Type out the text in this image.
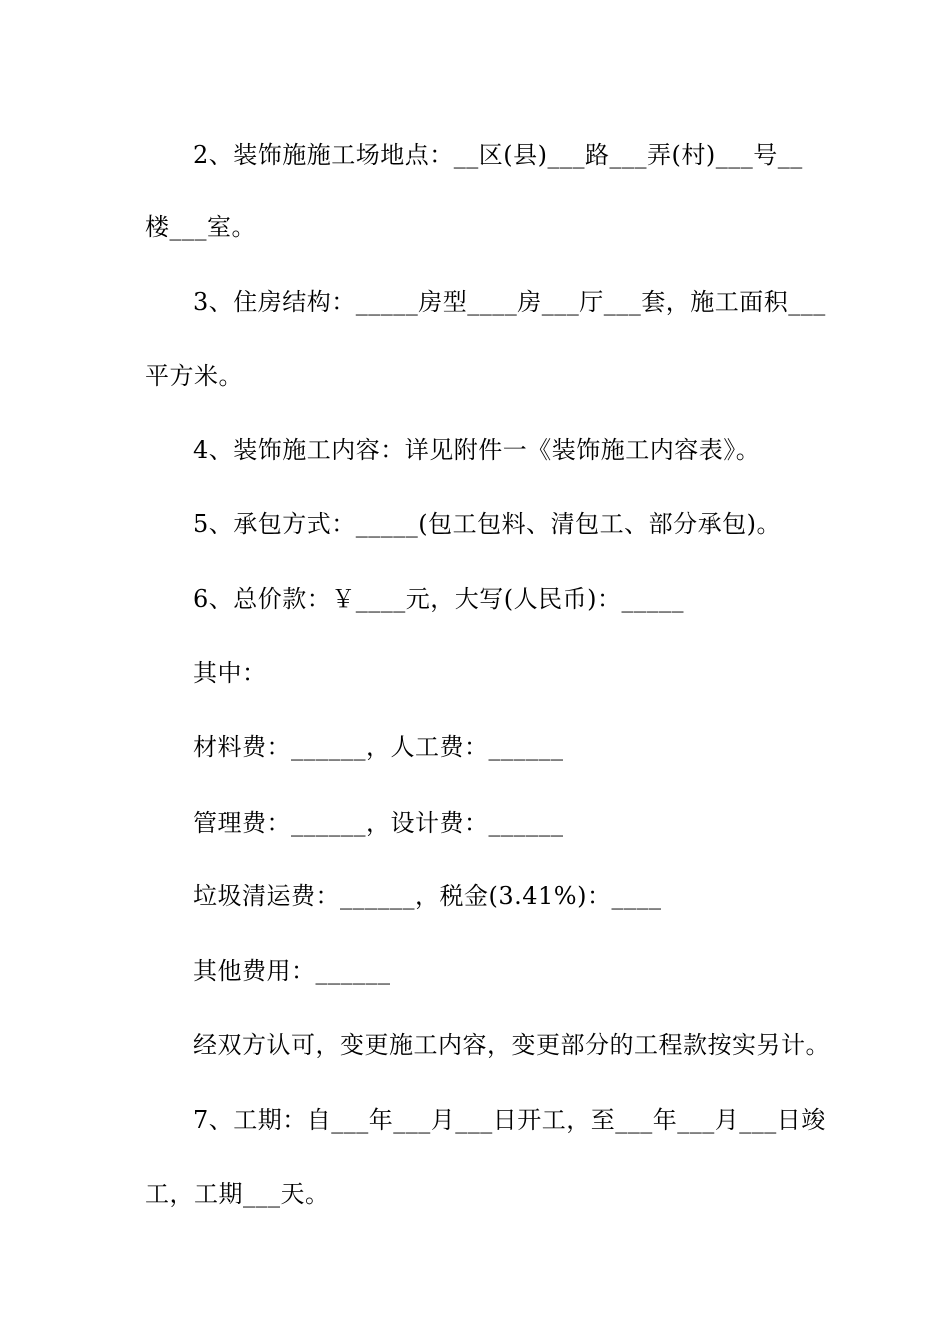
2、装饰施施工场地点：__区(县)___路___弄(村)___号__

楼___室。

3、住房结构：_____房型____房___厅___套，施工面积___

平方米。

4、装饰施工内容：详见附件一《装饰施工内容表》。

5、承包方式：_____(包工包料、清包工、部分承包)。

6、总价款：￥____元，大写(人民币)：_____

其中：

材料费：______，人工费：______

管理费：______，设计费：______

垃圾清运费：______，税金(3.41%)：____

其他费用：______

经双方认可，变更施工内容，变更部分的工程款按实另计。

7、工期：自___年___月___日开工，至___年___月___日竣

工，工期___天。
